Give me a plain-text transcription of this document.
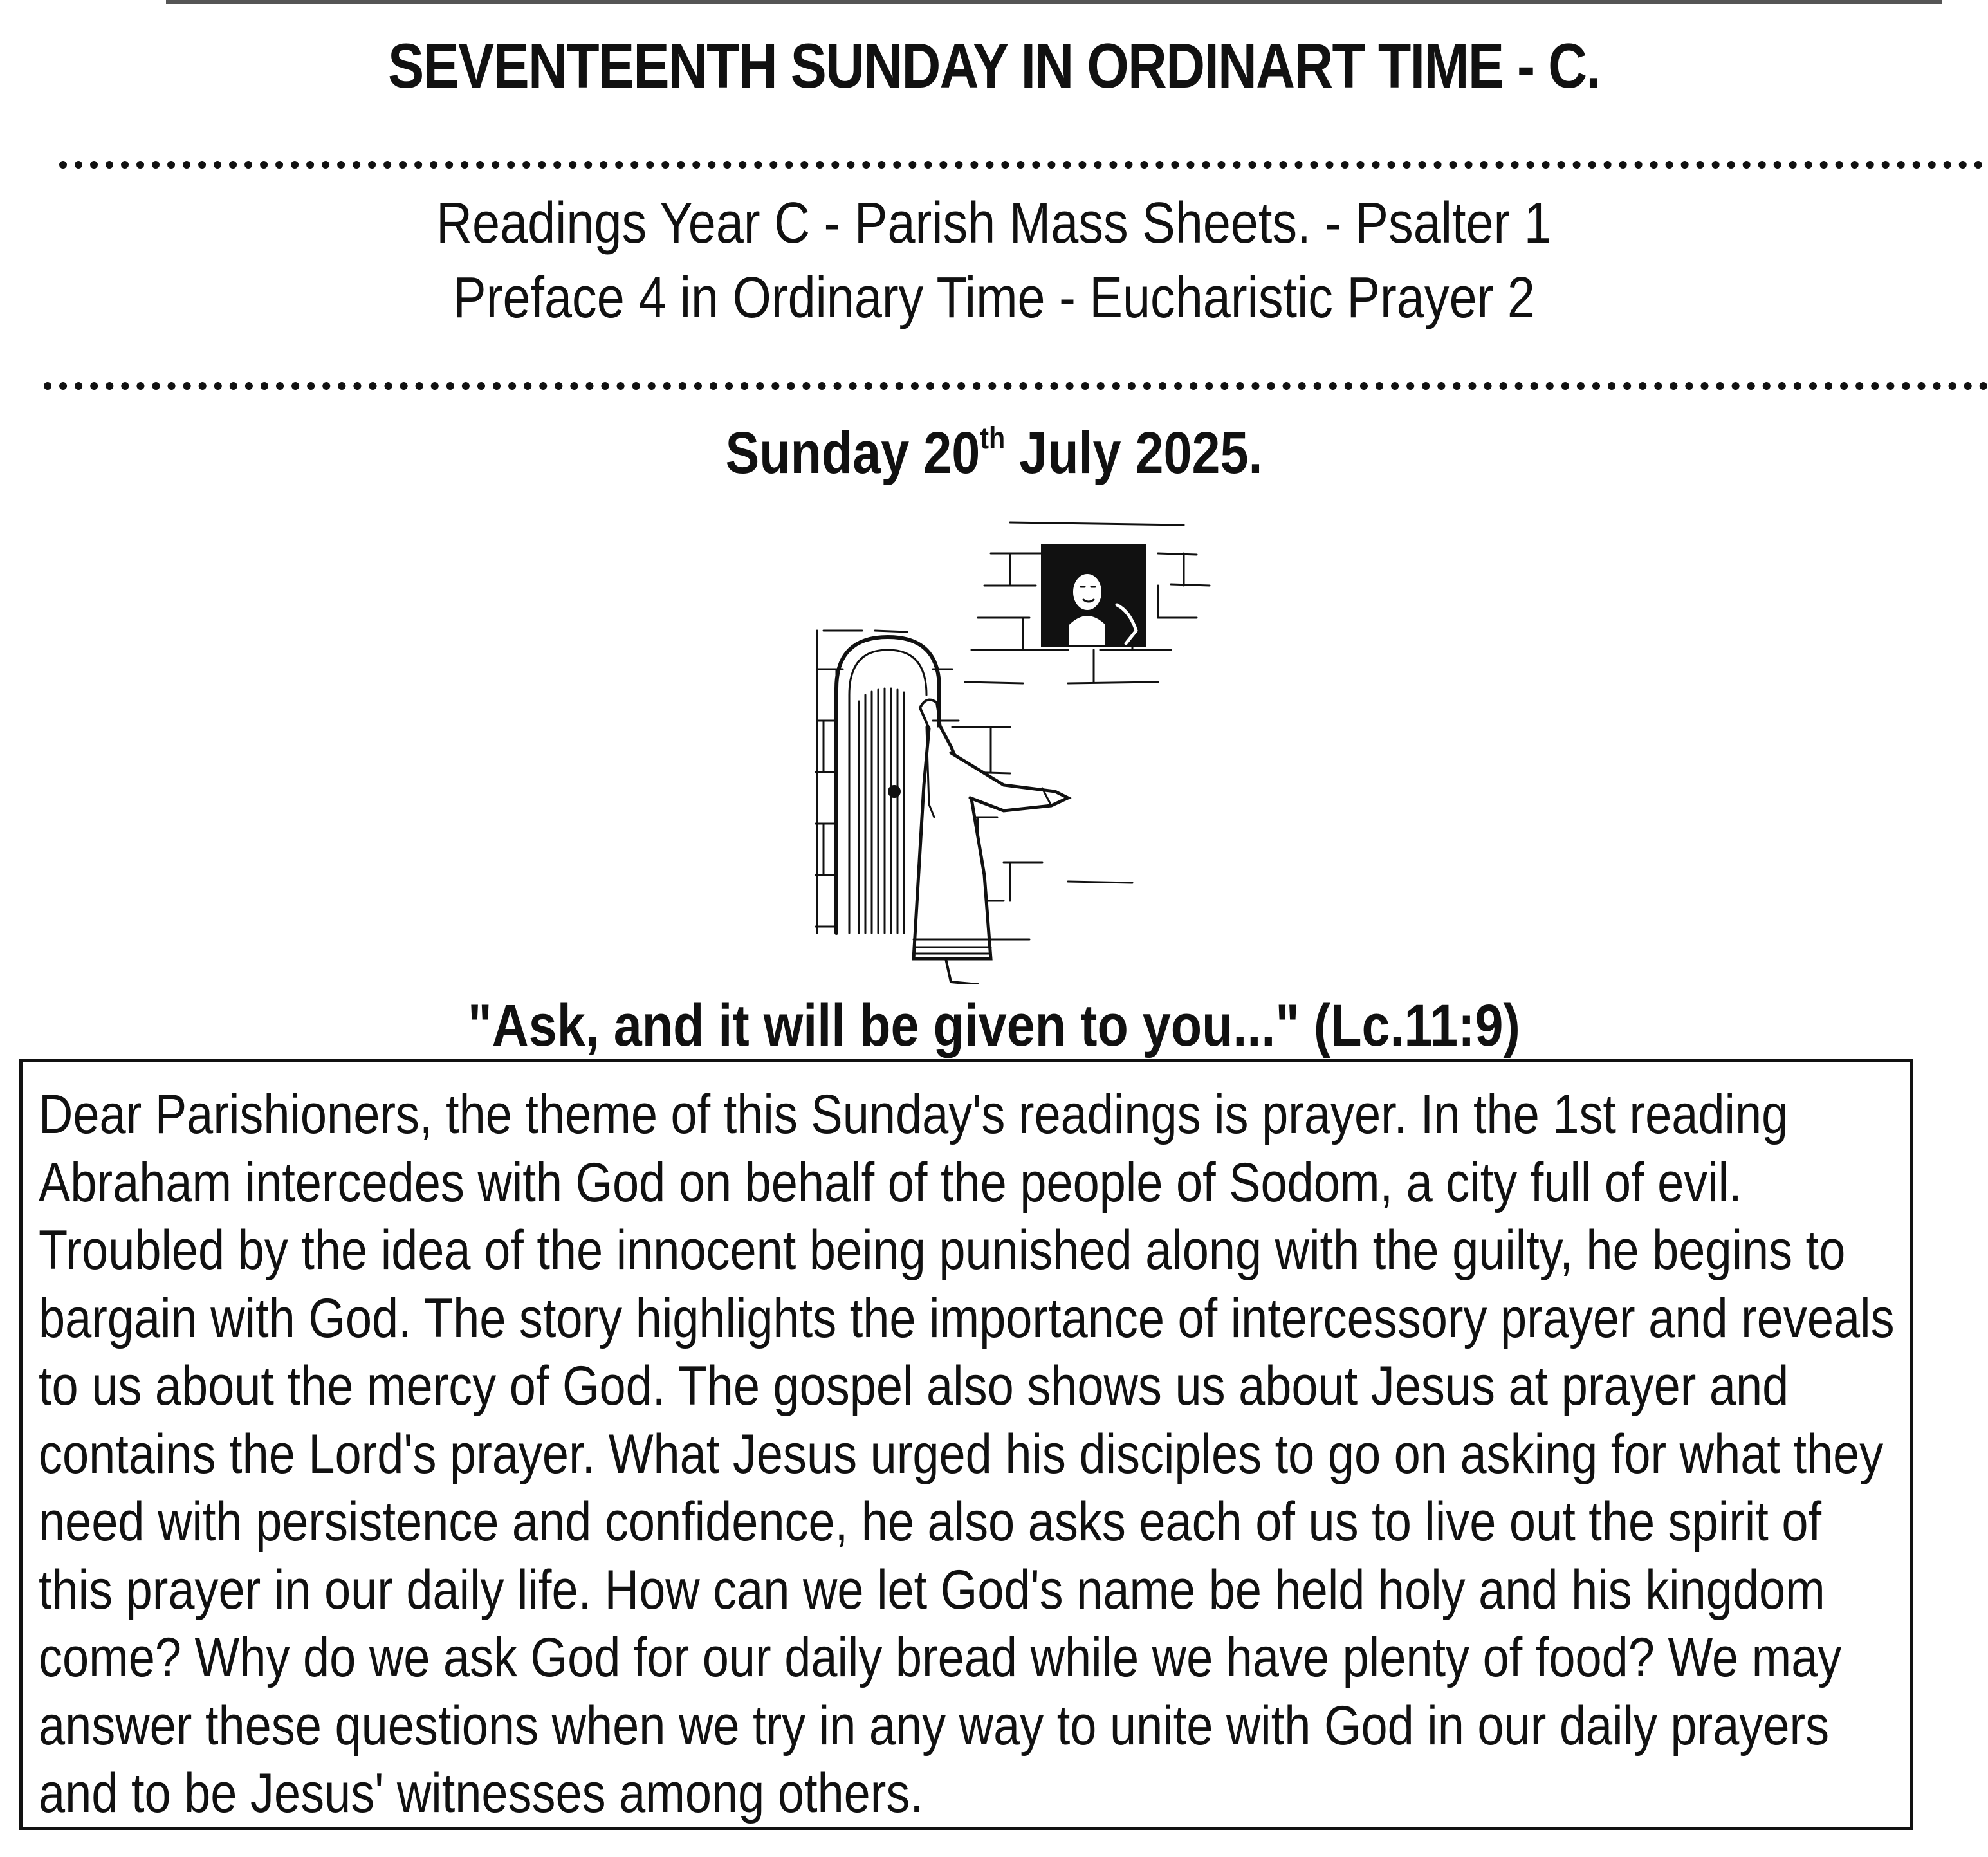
SEVENTEENTH SUNDAY IN ORDINART TIME - C.
Readings Year C - Parish Mass Sheets. - Psalter 1
Preface 4 in Ordinary Time - Eucharistic Prayer 2
Sunday 20th July 2025.
"Ask, and it will be given to you..." (Lc.11:9)
Dear Parishioners, the theme of this Sunday's readings is prayer. In the 1st reading
Abraham intercedes with God on behalf of the people of Sodom, a city full of evil.
Troubled by the idea of the innocent being punished along with the guilty, he begins to
bargain with God. The story highlights the importance of intercessory prayer and reveals
to us about the mercy of God. The gospel also shows us about Jesus at prayer and
contains the Lord's prayer. What Jesus urged his disciples to go on asking for what they
need with persistence and confidence, he also asks each of us to live out the spirit of
this prayer in our daily life. How can we let God's name be held holy and his kingdom
come? Why do we ask God for our daily bread while we have plenty of food? We may
answer these questions when we try in any way to unite with God in our daily prayers
and to be Jesus' witnesses among others.
